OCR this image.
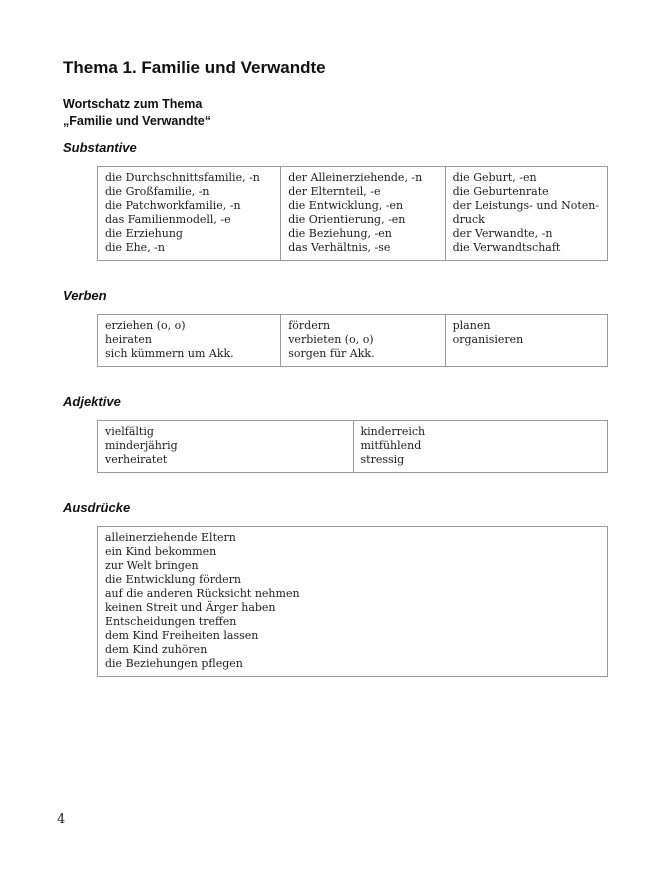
Thema 1. Familie und Verwandte
Wortschatz zum Thema
„Familie und Verwandte“
Substantive
die Durchschnittsfamilie, -n
die Großfamilie, -n
die Patchworkfamilie, -n
das Familienmodell, -e
die Erziehung
die Ehe, -n
der Alleinerziehende, -n
der Elternteil, -e
die Entwicklung, -en
die Orientierung, -en
die Beziehung, -en
das Verhältnis, -se
die Geburt, -en
die Geburtenrate
der Leistungs- und Noten-
druck
der Verwandte, -n
die Verwandtschaft
Verben
erziehen (o, o)
heiraten
sich kümmern um Akk.
fördern
verbieten (o, o)
sorgen für Akk.
planen
organisieren
Adjektive
vielfältig
minderjährig
verheiratet
kinderreich
mitfühlend
stressig
Ausdrücke
alleinerziehende Eltern
ein Kind bekommen
zur Welt bringen
die Entwicklung fördern
auf die anderen Rücksicht nehmen
keinen Streit und Ärger haben
Entscheidungen treffen
dem Kind Freiheiten lassen
dem Kind zuhören
die Beziehungen pflegen
4
